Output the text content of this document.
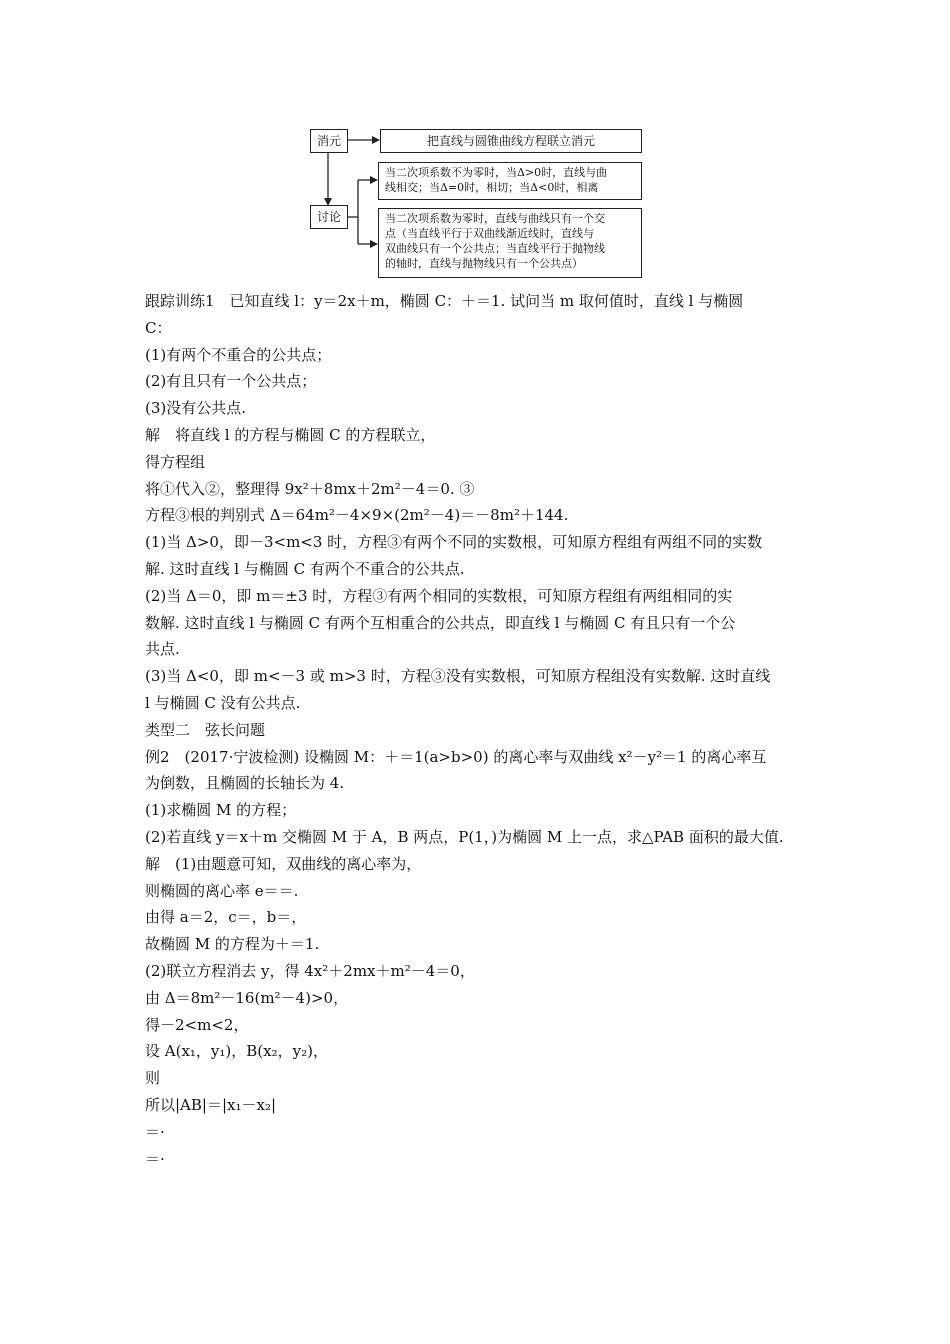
消元	把直线与圆锥曲线方程联立消元
讨论
当二次项系数不为零时，当Δ>0时，直线与曲
线相交；当Δ=0时，相切；当Δ<0时，相离
当二次项系数为零时，直线与曲线只有一个交
点（当直线平行于双曲线渐近线时，直线与
双曲线只有一个公共点；当直线平行于抛物线
的轴时，直线与抛物线只有一个公共点）
跟踪训练1　已知直线 l：y＝2x＋m，椭圆 C：＋＝1. 试问当 m 取何值时，直线 l 与椭圆
C：
(1)有两个不重合的公共点；
(2)有且只有一个公共点；
(3)没有公共点.
解　将直线 l 的方程与椭圆 C 的方程联立，
得方程组
将①代入②，整理得 9x²＋8mx＋2m²－4＝0. ③
方程③根的判别式 Δ＝64m²－4×9×(2m²－4)＝－8m²＋144.
(1)当 Δ>0，即－3<m<3 时，方程③有两个不同的实数根，可知原方程组有两组不同的实数
解. 这时直线 l 与椭圆 C 有两个不重合的公共点.
(2)当 Δ＝0，即 m＝±3 时，方程③有两个相同的实数根，可知原方程组有两组相同的实
数解. 这时直线 l 与椭圆 C 有两个互相重合的公共点，即直线 l 与椭圆 C 有且只有一个公
共点.
(3)当 Δ<0，即 m<－3 或 m>3 时，方程③没有实数根，可知原方程组没有实数解. 这时直线
l 与椭圆 C 没有公共点.
类型二　弦长问题
例2　(2017·宁波检测) 设椭圆 M：＋＝1(a>b>0) 的离心率与双曲线 x²－y²＝1 的离心率互
为倒数，且椭圆的长轴长为 4.
(1)求椭圆 M 的方程；
(2)若直线 y＝x＋m 交椭圆 M 于 A，B 两点，P(1，)为椭圆 M 上一点，求△PAB 面积的最大值.
解　(1)由题意可知，双曲线的离心率为，
则椭圆的离心率 e＝＝.
由得 a＝2，c＝，b＝，
故椭圆 M 的方程为＋＝1.
(2)联立方程消去 y，得 4x²＋2mx＋m²－4＝0，
由 Δ＝8m²－16(m²－4)>0，
得－2<m<2，
设 A(x₁，y₁)，B(x₂，y₂)，
则
所以|AB|＝|x₁－x₂|
＝·
＝·
